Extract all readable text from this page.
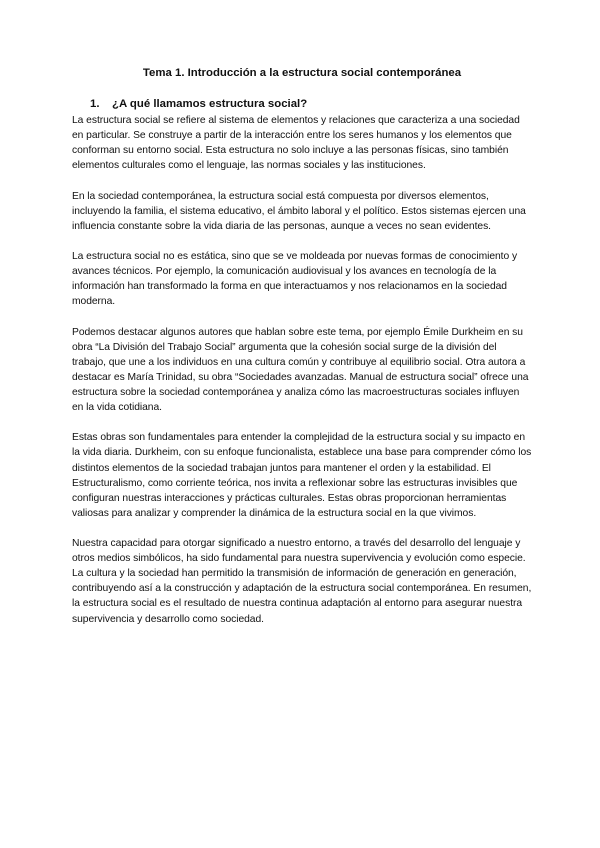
Tema 1. Introducción a la estructura social contemporánea
1.	¿A qué llamamos estructura social?

La estructura social se refiere al sistema de elementos y relaciones que caracteriza a una sociedad en particular. Se construye a partir de la interacción entre los seres humanos y los elementos que conforman su entorno social. Esta estructura no solo incluye a las personas físicas, sino también elementos culturales como el lenguaje, las normas sociales y las instituciones.

En la sociedad contemporánea, la estructura social está compuesta por diversos elementos, incluyendo la familia, el sistema educativo, el ámbito laboral y el político. Estos sistemas ejercen una influencia constante sobre la vida diaria de las personas, aunque a veces no sean evidentes.

La estructura social no es estática, sino que se ve moldeada por nuevas formas de conocimiento y avances técnicos. Por ejemplo, la comunicación audiovisual y los avances en tecnología de la información han transformado la forma en que interactuamos y nos relacionamos en la sociedad moderna.

Podemos destacar algunos autores que hablan sobre este tema, por ejemplo Émile Durkheim en su obra “La División del Trabajo Social” argumenta que la cohesión social surge de la división del trabajo, que une a los individuos en una cultura común y contribuye al equilibrio social. Otra autora a destacar es María Trinidad, su obra “Sociedades avanzadas. Manual de estructura social” ofrece una estructura sobre la sociedad contemporánea y analiza cómo las macroestructuras sociales influyen en la vida cotidiana.

Estas obras son fundamentales para entender la complejidad de la estructura social y su impacto en la vida diaria. Durkheim, con su enfoque funcionalista, establece una base para comprender cómo los distintos elementos de la sociedad trabajan juntos para mantener el orden y la estabilidad. El Estructuralismo, como corriente teórica, nos invita a reflexionar sobre las estructuras invisibles que configuran nuestras interacciones y prácticas culturales. Estas obras proporcionan herramientas valiosas para analizar y comprender la dinámica de la estructura social en la que vivimos.

Nuestra capacidad para otorgar significado a nuestro entorno, a través del desarrollo del lenguaje y otros medios simbólicos, ha sido fundamental para nuestra supervivencia y evolución como especie. La cultura y la sociedad han permitido la transmisión de información de generación en generación, contribuyendo así a la construcción y adaptación de la estructura social contemporánea. En resumen, la estructura social es el resultado de nuestra continua adaptación al entorno para asegurar nuestra supervivencia y desarrollo como sociedad.
